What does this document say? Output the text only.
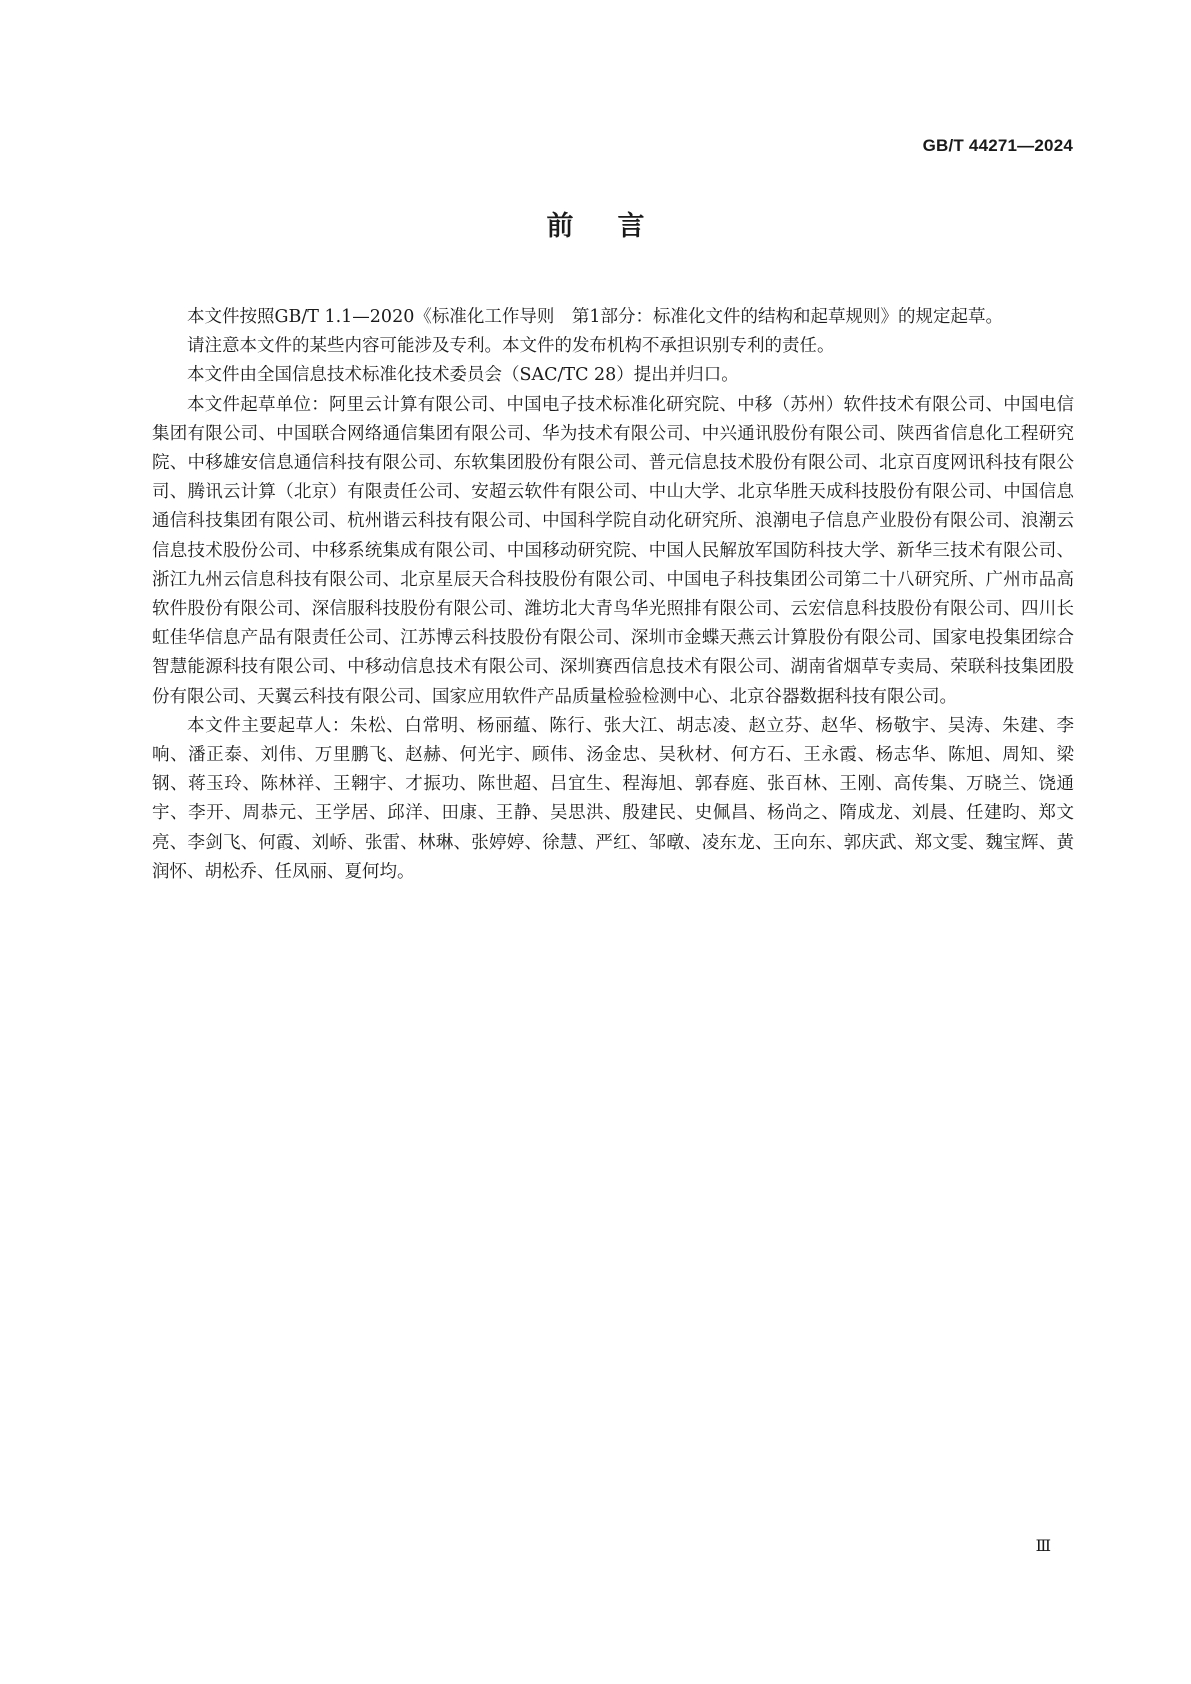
GB/T 44271—2024
前言

本文件按照GB/T 1.1—2020《标准化工作导则　第1部分：标准化文件的结构和起草规则》的规定起草。

请注意本文件的某些内容可能涉及专利。本文件的发布机构不承担识别专利的责任。

本文件由全国信息技术标准化技术委员会（SAC/TC 28）提出并归口。

本文件起草单位：阿里云计算有限公司、中国电子技术标准化研究院、中移（苏州）软件技术有限公司、中国电信集团有限公司、中国联合网络通信集团有限公司、华为技术有限公司、中兴通讯股份有限公司、陕西省信息化工程研究院、中移雄安信息通信科技有限公司、东软集团股份有限公司、普元信息技术股份有限公司、北京百度网讯科技有限公司、腾讯云计算（北京）有限责任公司、安超云软件有限公司、中山大学、北京华胜天成科技股份有限公司、中国信息通信科技集团有限公司、杭州谐云科技有限公司、中国科学院自动化研究所、浪潮电子信息产业股份有限公司、浪潮云信息技术股份公司、中移系统集成有限公司、中国移动研究院、中国人民解放军国防科技大学、新华三技术有限公司、浙江九州云信息科技有限公司、北京星辰天合科技股份有限公司、中国电子科技集团公司第二十八研究所、广州市品高软件股份有限公司、深信服科技股份有限公司、潍坊北大青鸟华光照排有限公司、云宏信息科技股份有限公司、四川长虹佳华信息产品有限责任公司、江苏博云科技股份有限公司、深圳市金蝶天燕云计算股份有限公司、国家电投集团综合智慧能源科技有限公司、中移动信息技术有限公司、深圳赛西信息技术有限公司、湖南省烟草专卖局、荣联科技集团股份有限公司、天翼云科技有限公司、国家应用软件产品质量检验检测中心、北京谷器数据科技有限公司。

本文件主要起草人：朱松、白常明、杨丽蕴、陈行、张大江、胡志凌、赵立芬、赵华、杨敬宇、吴涛、朱建、李响、潘正泰、刘伟、万里鹏飞、赵赫、何光宇、顾伟、汤金忠、吴秋材、何方石、王永霞、杨志华、陈旭、周知、梁钢、蒋玉玲、陈林祥、王翱宇、才振功、陈世超、吕宜生、程海旭、郭春庭、张百林、王刚、高传集、万晓兰、饶通宇、李开、周恭元、王学居、邱洋、田康、王静、吴思洪、殷建民、史佩昌、杨尚之、隋成龙、刘晨、任建昀、郑文亮、李剑飞、何霞、刘峤、张雷、林琳、张婷婷、徐慧、严红、邹暾、凌东龙、王向东、郭庆武、郑文雯、魏宝辉、黄润怀、胡松乔、任凤丽、夏何均。

Ⅲ
